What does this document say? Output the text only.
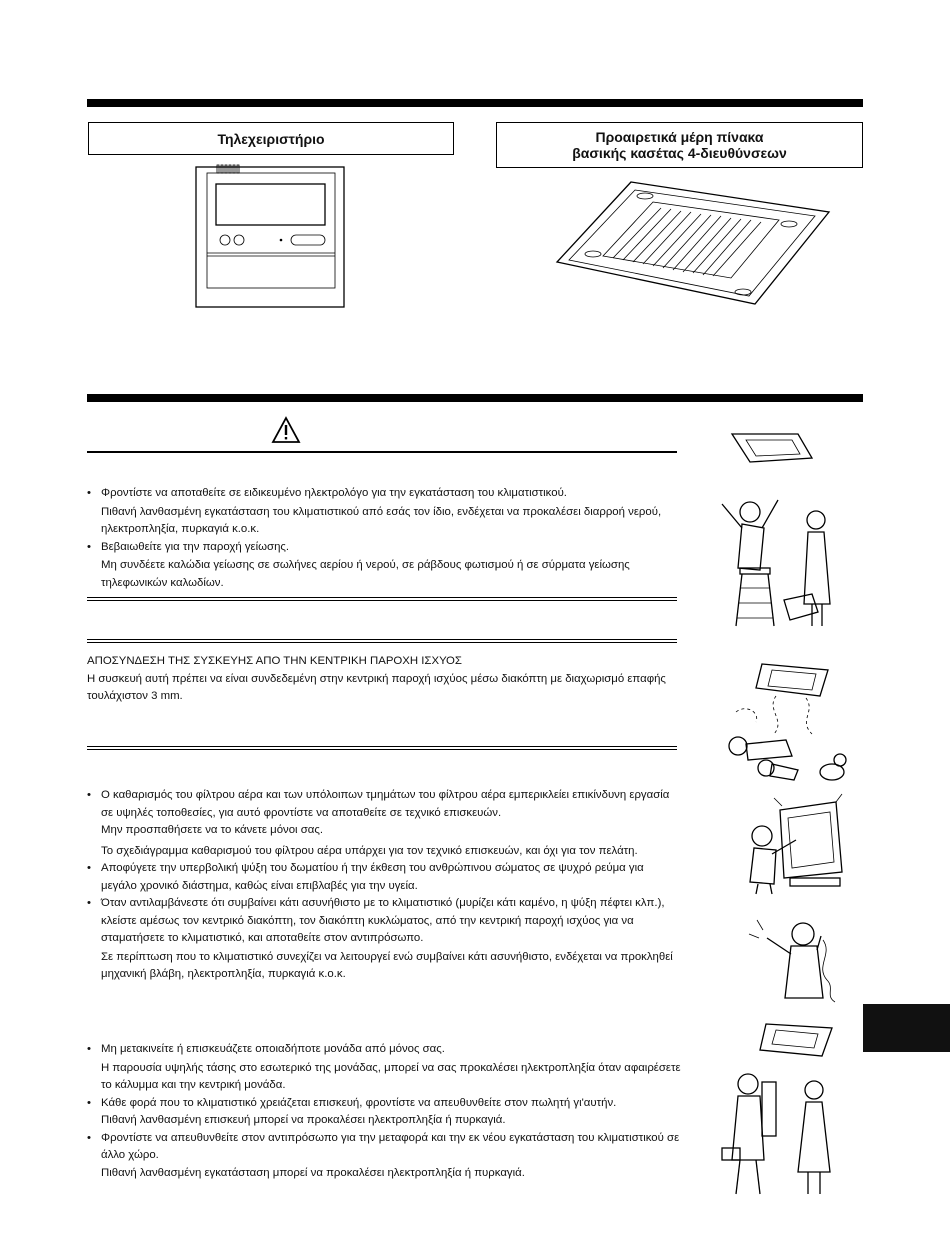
Τηλεχειριστήριο	Προαιρετικά μέρη πίνακα
βασικής κασέτας 4-διευθύνσεων

• Φροντίστε να αποταθείτε σε ειδικευμένο ηλεκτρολόγο για την εγκατάσταση του κλιματιστικού.

Πιθανή λανθασμένη εγκατάσταση του κλιματιστικού από εσάς τον ίδιο, ενδέχεται να προκαλέσει διαρροή νερού, ηλεκτροπληξία, πυρκαγιά κ.ο.κ.

• Βεβαιωθείτε για την παροχή γείωσης.

Μη συνδέετε καλώδια γείωσης σε σωλήνες αερίου ή νερού, σε ράβδους φωτισμού ή σε σύρματα γείωσης τηλεφωνικών καλωδίων.

ΑΠΟΣΥΝΔΕΣΗ ΤΗΣ ΣΥΣΚΕΥΗΣ ΑΠΟ ΤΗΝ ΚΕΝΤΡΙΚΗ ΠΑΡΟΧΗ ΙΣΧΥΟΣ

Η συσκευή αυτή πρέπει να είναι συνδεδεμένη στην κεντρική παροχή ισχύος μέσω διακόπτη με διαχωρισμό επαφής τουλάχιστον 3 mm.

• Ο καθαρισμός του φίλτρου αέρα και των υπόλοιπων τμημάτων του φίλτρου αέρα εμπερικλείει επικίνδυνη εργασία σε υψηλές τοποθεσίες, για αυτό φροντίστε να αποταθείτε σε τεχνικό επισκευών.

Μην προσπαθήσετε να το κάνετε μόνοι σας.

Το σχεδιάγραμμα καθαρισμού του φίλτρου αέρα υπάρχει για τον τεχνικό επισκευών, και όχι για τον πελάτη.

• Αποφύγετε την υπερβολική ψύξη του δωματίου ή την έκθεση του ανθρώπινου σώματος σε ψυχρό ρεύμα για μεγάλο χρονικό διάστημα, καθώς είναι επιβλαβές για την υγεία.

• Όταν αντιλαμβάνεστε ότι συμβαίνει κάτι ασυνήθιστο με το κλιματιστικό (μυρίζει κάτι καμένο, η ψύξη πέφτει κλπ.), κλείστε αμέσως τον κεντρικό διακόπτη, τον διακόπτη κυκλώματος, από την κεντρική παροχή ισχύος για να σταματήσετε το κλιματιστικό, και αποταθείτε στον αντιπρόσωπο.

Σε περίπτωση που το κλιματιστικό συνεχίζει να λειτουργεί ενώ συμβαίνει κάτι ασυνήθιστο, ενδέχεται να προκληθεί μηχανική βλάβη, ηλεκτροπληξία, πυρκαγιά κ.ο.κ.

• Μη μετακινείτε ή επισκευάζετε οποιαδήποτε μονάδα από μόνος σας.

Η παρουσία υψηλής τάσης στο εσωτερικό της μονάδας, μπορεί να σας προκαλέσει ηλεκτροπληξία όταν αφαιρέσετε το κάλυμμα και την κεντρική μονάδα.

• Κάθε φορά που το κλιματιστικό χρειάζεται επισκευή, φροντίστε να απευθυνθείτε στον πωλητή γι'αυτήν.

Πιθανή λανθασμένη επισκευή μπορεί να προκαλέσει ηλεκτροπληξία ή πυρκαγιά.

• Φροντίστε να απευθυνθείτε στον αντιπρόσωπο για την μεταφορά και την εκ νέου εγκατάσταση του κλιματιστικού σε άλλο χώρο.

Πιθανή λανθασμένη εγκατάσταση μπορεί να προκαλέσει ηλεκτροπληξία ή πυρκαγιά.
